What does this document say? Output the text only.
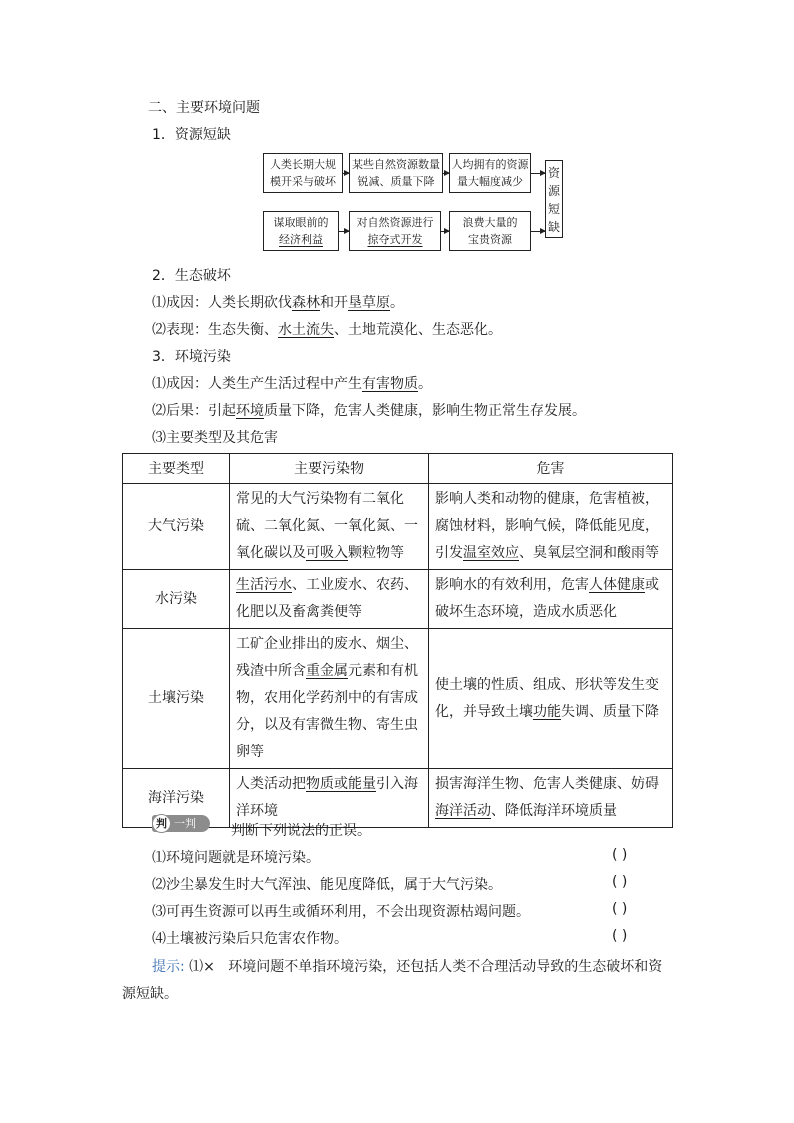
二、主要环境问题
1．资源短缺
人类长期大规
模开采与破坏
某些自然资源数量
锐减、质量下降
人均拥有的资源
量大幅度减少
资
源
短
缺
谋取眼前的
经济利益
对自然资源进行
掠夺式开发
浪费大量的
宝贵资源
2．生态破坏
⑴成因：人类长期砍伐森林和开垦草原。
⑵表现：生态失衡、水土流失、土地荒漠化、生态恶化。
3．环境污染
⑴成因：人类生产生活过程中产生有害物质。
⑵后果：引起环境质量下降，危害人类健康，影响生物正常生存发展。
⑶主要类型及其危害
主要类型	主要污染物	危害
大气污染	常见的大气污染物有二氧化硫、二氧化氮、一氧化氮、一氧化碳以及可吸入颗粒物等	影响人类和动物的健康，危害植被，腐蚀材料，影响气候，降低能见度，引发温室效应、臭氧层空洞和酸雨等
水污染	生活污水、工业废水、农药、化肥以及畜禽粪便等	影响水的有效利用，危害人体健康或破坏生态环境，造成水质恶化
土壤污染	工矿企业排出的废水、烟尘、残渣中所含重金属元素和有机物，农用化学药剂中的有害成分，以及有害微生物、寄生虫卵等	使土壤的性质、组成、形状等发生变化，并导致土壤功能失调、质量下降
海洋污染	人类活动把物质或能量引入海洋环境	损害海洋生物、危害人类健康、妨碍海洋活动、降低海洋环境质量
判 一判	判断下列说法的正误。
⑴环境问题就是环境污染。	( )
⑵沙尘暴发生时大气浑浊、能见度降低，属于大气污染。	( )
⑶可再生资源可以再生或循环利用，不会出现资源枯竭问题。	( )
⑷土壤被污染后只危害农作物。	( )
提示: ⑴× 环境问题不单指环境污染，还包括人类不合理活动导致的生态破坏和资
源短缺。
